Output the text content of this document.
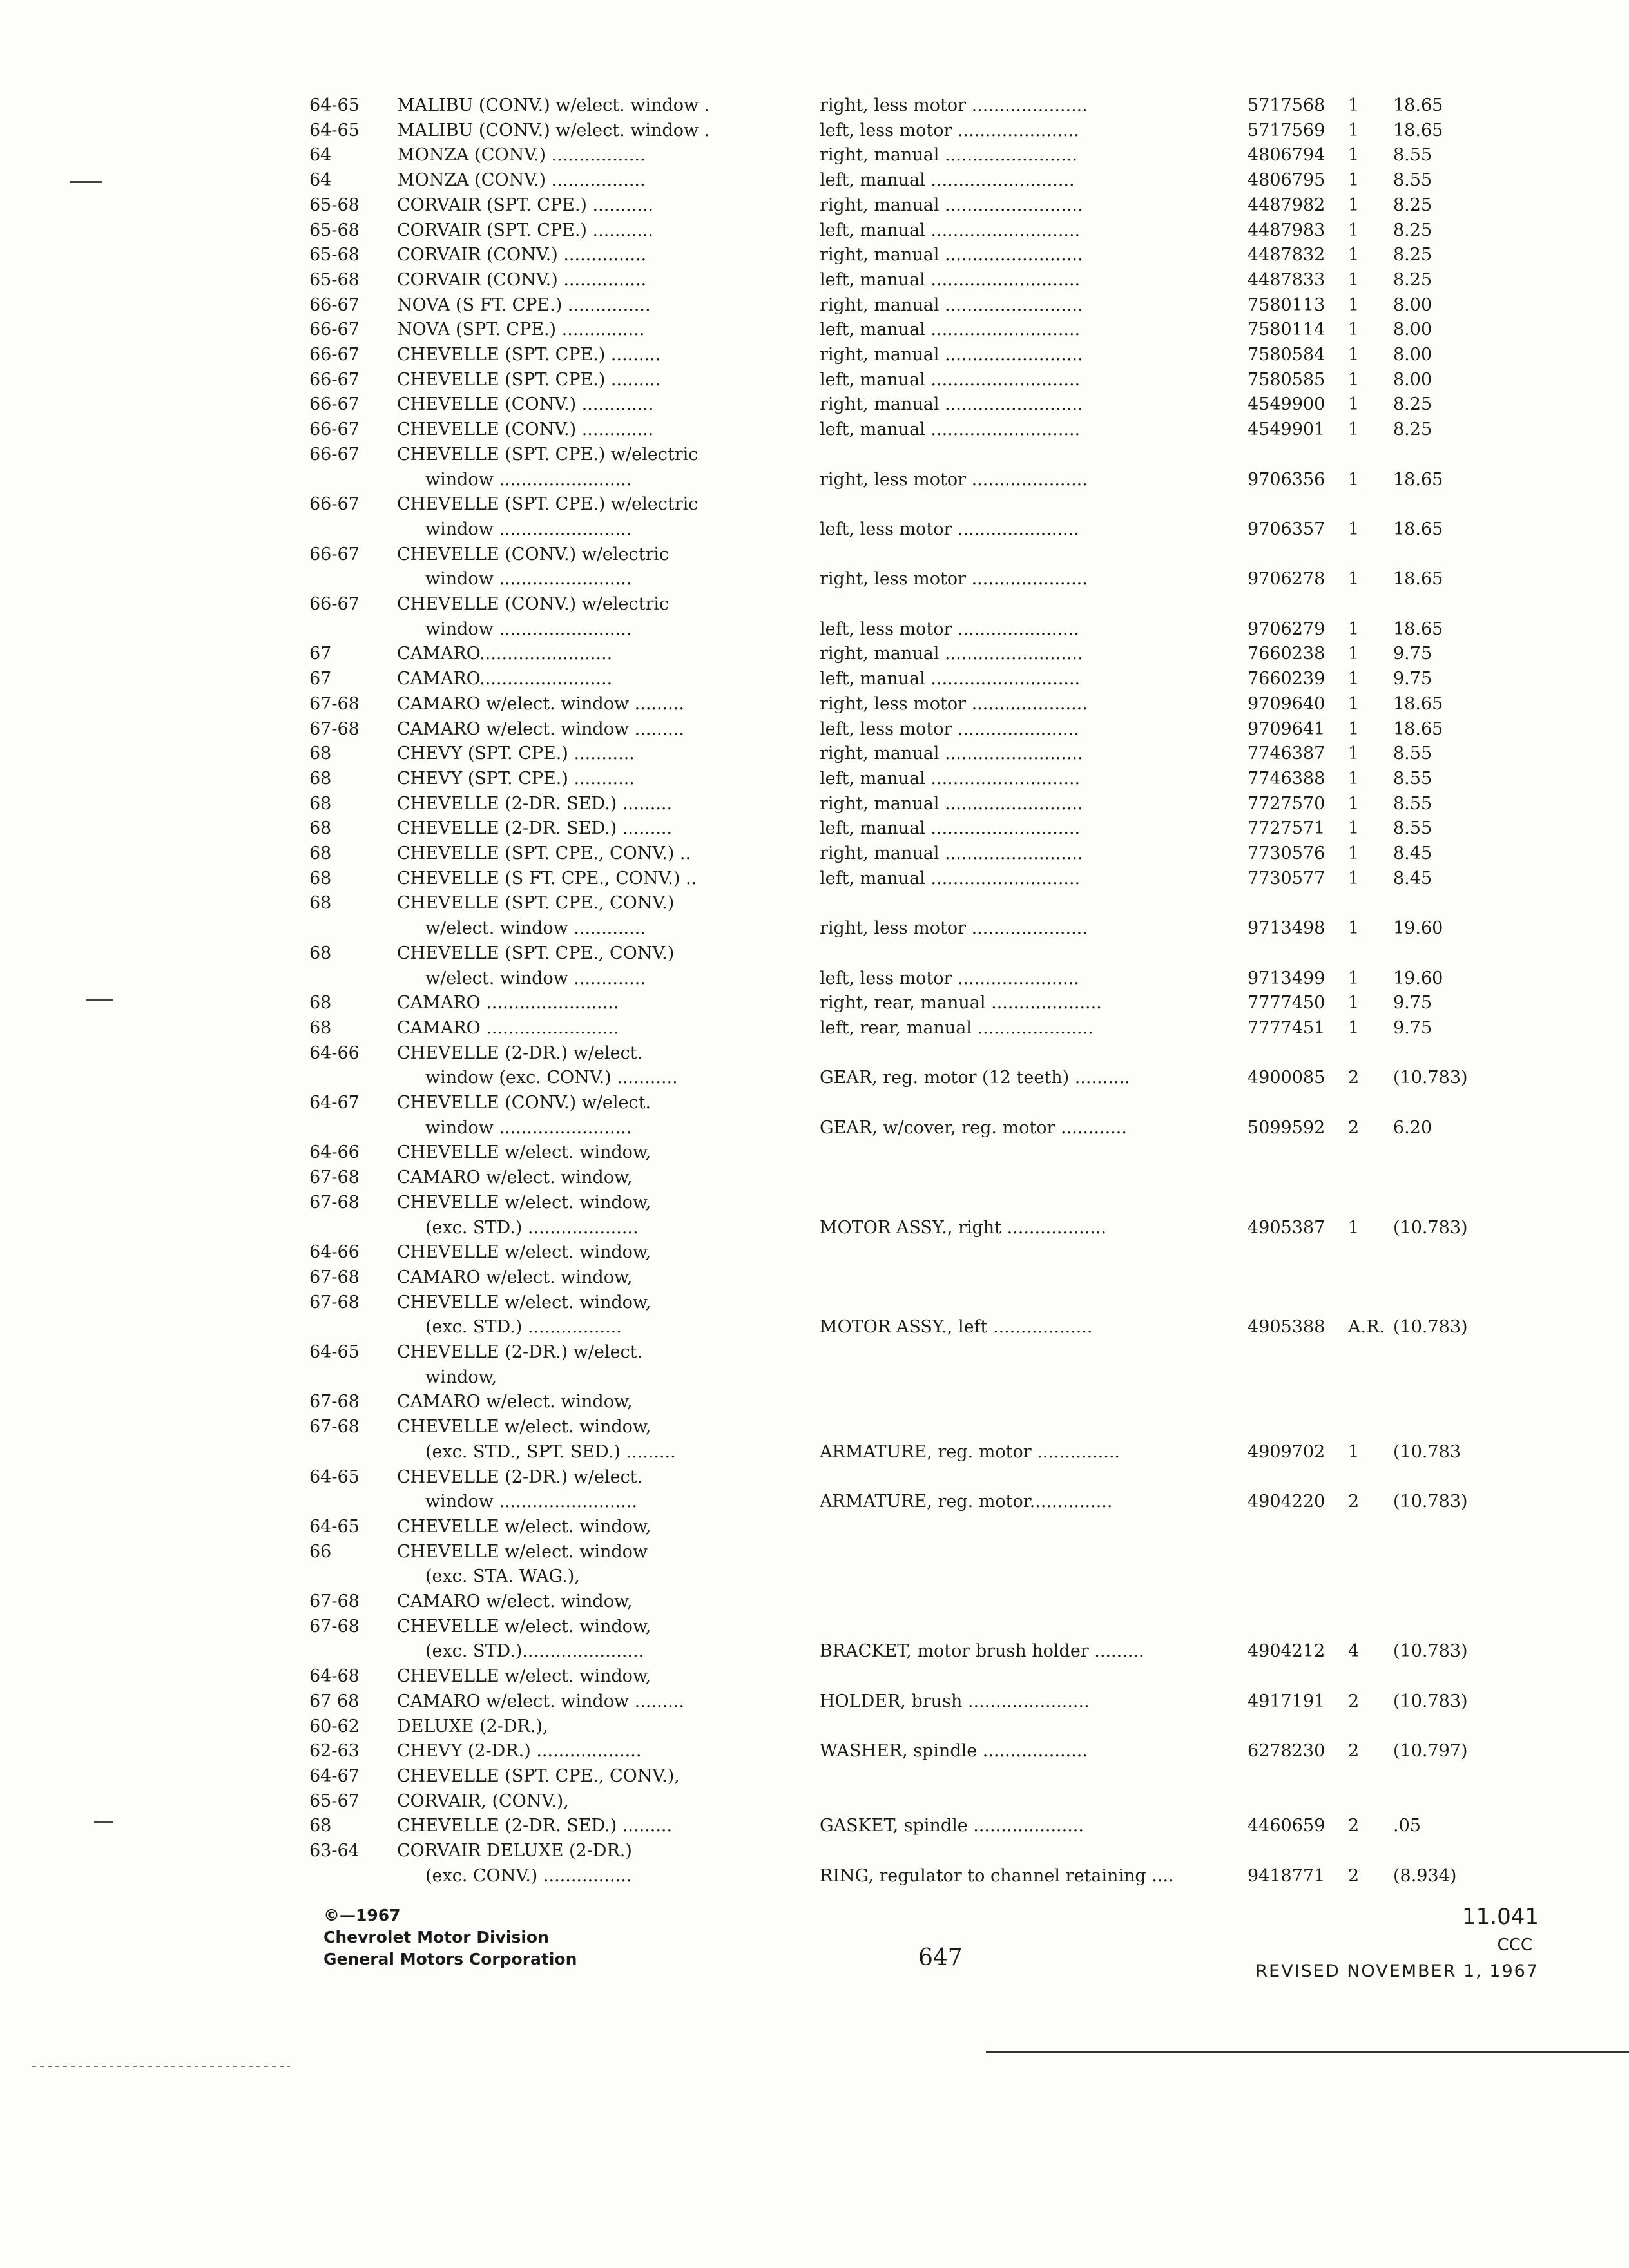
64-65 MALIBU (CONV.) w/elect. window .	right, less motor .....................	5717568 1 18.65
64-65 MALIBU (CONV.) w/elect. window .	left, less motor ......................	5717569 1 18.65
64	MONZA (CONV.) .................	right, manual ........................	4806794 1 8.55
64	MONZA (CONV.) .................	left, manual ..........................	4806795 1 8.55
65-68 CORVAIR (SPT. CPE.) ...........	right, manual .........................	4487982 1 8.25
65-68 CORVAIR (SPT. CPE.) ...........	left, manual ...........................	4487983 1 8.25
65-68 CORVAIR (CONV.) ...............	right, manual .........................	4487832 1 8.25
65-68 CORVAIR (CONV.) ...............	left, manual ...........................	4487833 1 8.25
66-67 NOVA (S FT. CPE.) ...............	right, manual .........................	7580113 1 8.00
66-67 NOVA (SPT. CPE.) ...............	left, manual ...........................	7580114 1 8.00
66-67 CHEVELLE (SPT. CPE.) .........	right, manual .........................	7580584 1 8.00
66-67 CHEVELLE (SPT. CPE.) .........	left, manual ...........................	7580585 1 8.00
66-67 CHEVELLE (CONV.) .............	right, manual .........................	4549900 1 8.25
66-67 CHEVELLE (CONV.) .............	left, manual ...........................	4549901 1 8.25
66-67 CHEVELLE (SPT. CPE.) w/electric
window ........................	right, less motor .....................	9706356 1 18.65
66-67 CHEVELLE (SPT. CPE.) w/electric
window ........................	left, less motor ......................	9706357 1 18.65
66-67 CHEVELLE (CONV.) w/electric
window ........................	right, less motor .....................	9706278 1 18.65
66-67 CHEVELLE (CONV.) w/electric
window ........................	left, less motor ......................	9706279 1 18.65
67	CAMARO........................	right, manual .........................	7660238 1 9.75
67	CAMARO........................	left, manual ...........................	7660239 1 9.75
67-68 CAMARO w/elect. window .........	right, less motor .....................	9709640 1 18.65
67-68 CAMARO w/elect. window .........	left, less motor ......................	9709641 1 18.65
68	CHEVY (SPT. CPE.) ...........	right, manual .........................	7746387 1 8.55
68	CHEVY (SPT. CPE.) ...........	left, manual ...........................	7746388 1 8.55
68	CHEVELLE (2-DR. SED.) .........	right, manual .........................	7727570 1 8.55
68	CHEVELLE (2-DR. SED.) .........	left, manual ...........................	7727571 1 8.55
68	CHEVELLE (SPT. CPE., CONV.) ..	right, manual .........................	7730576 1 8.45
68	CHEVELLE (S FT. CPE., CONV.) ..	left, manual ...........................	7730577 1 8.45
68	CHEVELLE (SPT. CPE., CONV.)
w/elect. window .............	right, less motor .....................	9713498 1 19.60
68	CHEVELLE (SPT. CPE., CONV.)
w/elect. window .............	left, less motor ......................	9713499 1 19.60
68	CAMARO ........................	right, rear, manual ....................	7777450 1 9.75
68	CAMARO ........................	left, rear, manual .....................	7777451 1 9.75
64-66 CHEVELLE (2-DR.) w/elect.
window (exc. CONV.) ...........	GEAR, reg. motor (12 teeth) ..........	4900085 2 (10.783)
64-67 CHEVELLE (CONV.) w/elect.
window ........................	GEAR, w/cover, reg. motor ............	5099592 2 6.20
64-66 CHEVELLE w/elect. window,
67-68 CAMARO w/elect. window,
67-68 CHEVELLE w/elect. window,
(exc. STD.) ....................	MOTOR ASSY., right ..................	4905387 1 (10.783)
64-66 CHEVELLE w/elect. window,
67-68 CAMARO w/elect. window,
67-68 CHEVELLE w/elect. window,
(exc. STD.) .................	MOTOR ASSY., left ..................	4905388 A.R. (10.783)
64-65 CHEVELLE (2-DR.) w/elect.
window,
67-68 CAMARO w/elect. window,
67-68 CHEVELLE w/elect. window,
(exc. STD., SPT. SED.) .........	ARMATURE, reg. motor ...............	4909702 1 (10.783
64-65 CHEVELLE (2-DR.) w/elect.
window .........................	ARMATURE, reg. motor...............	4904220 2 (10.783)
64-65 CHEVELLE w/elect. window,
66	CHEVELLE w/elect. window
(exc. STA. WAG.),
67-68 CAMARO w/elect. window,
67-68 CHEVELLE w/elect. window,
(exc. STD.)......................	BRACKET, motor brush holder .........	4904212 4 (10.783)
64-68 CHEVELLE w/elect. window,
67 68 CAMARO w/elect. window .........	HOLDER, brush ......................	4917191 2 (10.783)
60-62 DELUXE (2-DR.),
62-63 CHEVY (2-DR.) ...................	WASHER, spindle ...................	6278230 2 (10.797)
64-67 CHEVELLE (SPT. CPE., CONV.),
65-67 CORVAIR, (CONV.),
68	CHEVELLE (2-DR. SED.) .........	GASKET, spindle ....................	4460659 2 .05
63-64 CORVAIR DELUXE (2-DR.)
(exc. CONV.) ................	RING, regulator to channel retaining ....	9418771 2 (8.934)
©—1967
Chevrolet Motor Division
General Motors Corporation	647
11.041
CCC
REVISED NOVEMBER 1, 1967
